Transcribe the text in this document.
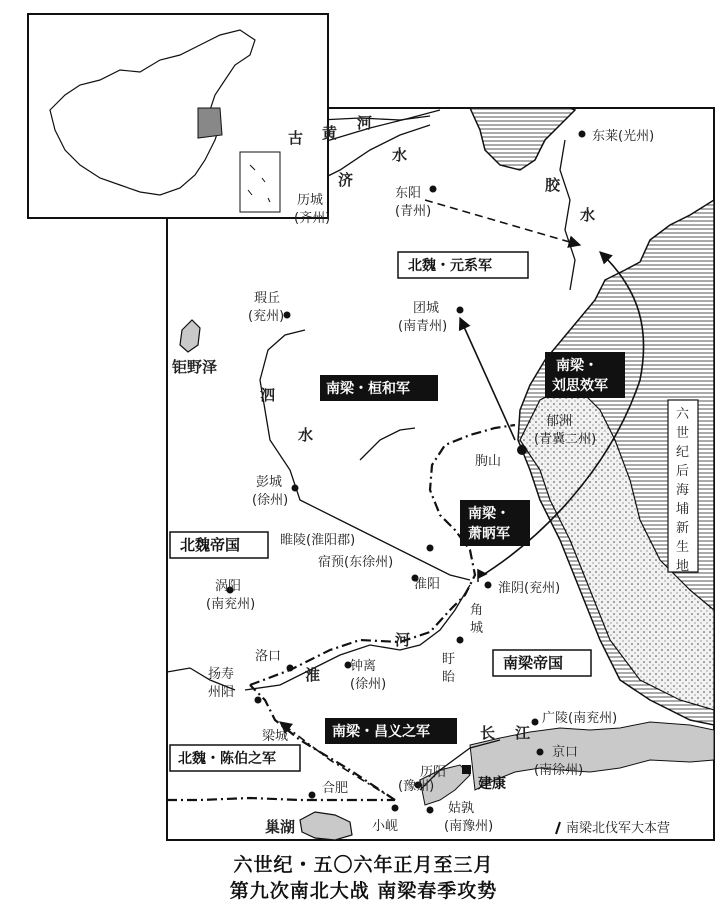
北魏・元系军
北魏・陈伯之军
南梁・桓和军
南梁・
刘思效军
南梁・
萧昞军
南梁・昌义之军
北魏帝国
南梁帝国
六
世
纪
后
海
埔
新
生
地
古 黄
河
济
水
胶
水
泗
水
淮
河
长 江
钜野泽
巢湖
东莱(光州)
东阳
(青州)
历城
(齐州)
瑕丘
(兖州)
团城
(南青州)
郁洲
(青冀二州)
朐山
彭城
(徐州)
睢陵(淮阳郡)
宿预(东徐州)
淮阳	淮阴(兖州)
角
城
盱
眙
涡阳
(南兖州)
洛口
扬寿
州阳
钟离
(徐州)
梁城
广陵(南兖州)
京口
(南徐州)
建康
合肥
历阳
(豫州)
小岘
姑孰
(南豫州)	南梁北伐军大本营
六世纪・五〇六年正月至三月
第九次南北大战 南梁春季攻势
